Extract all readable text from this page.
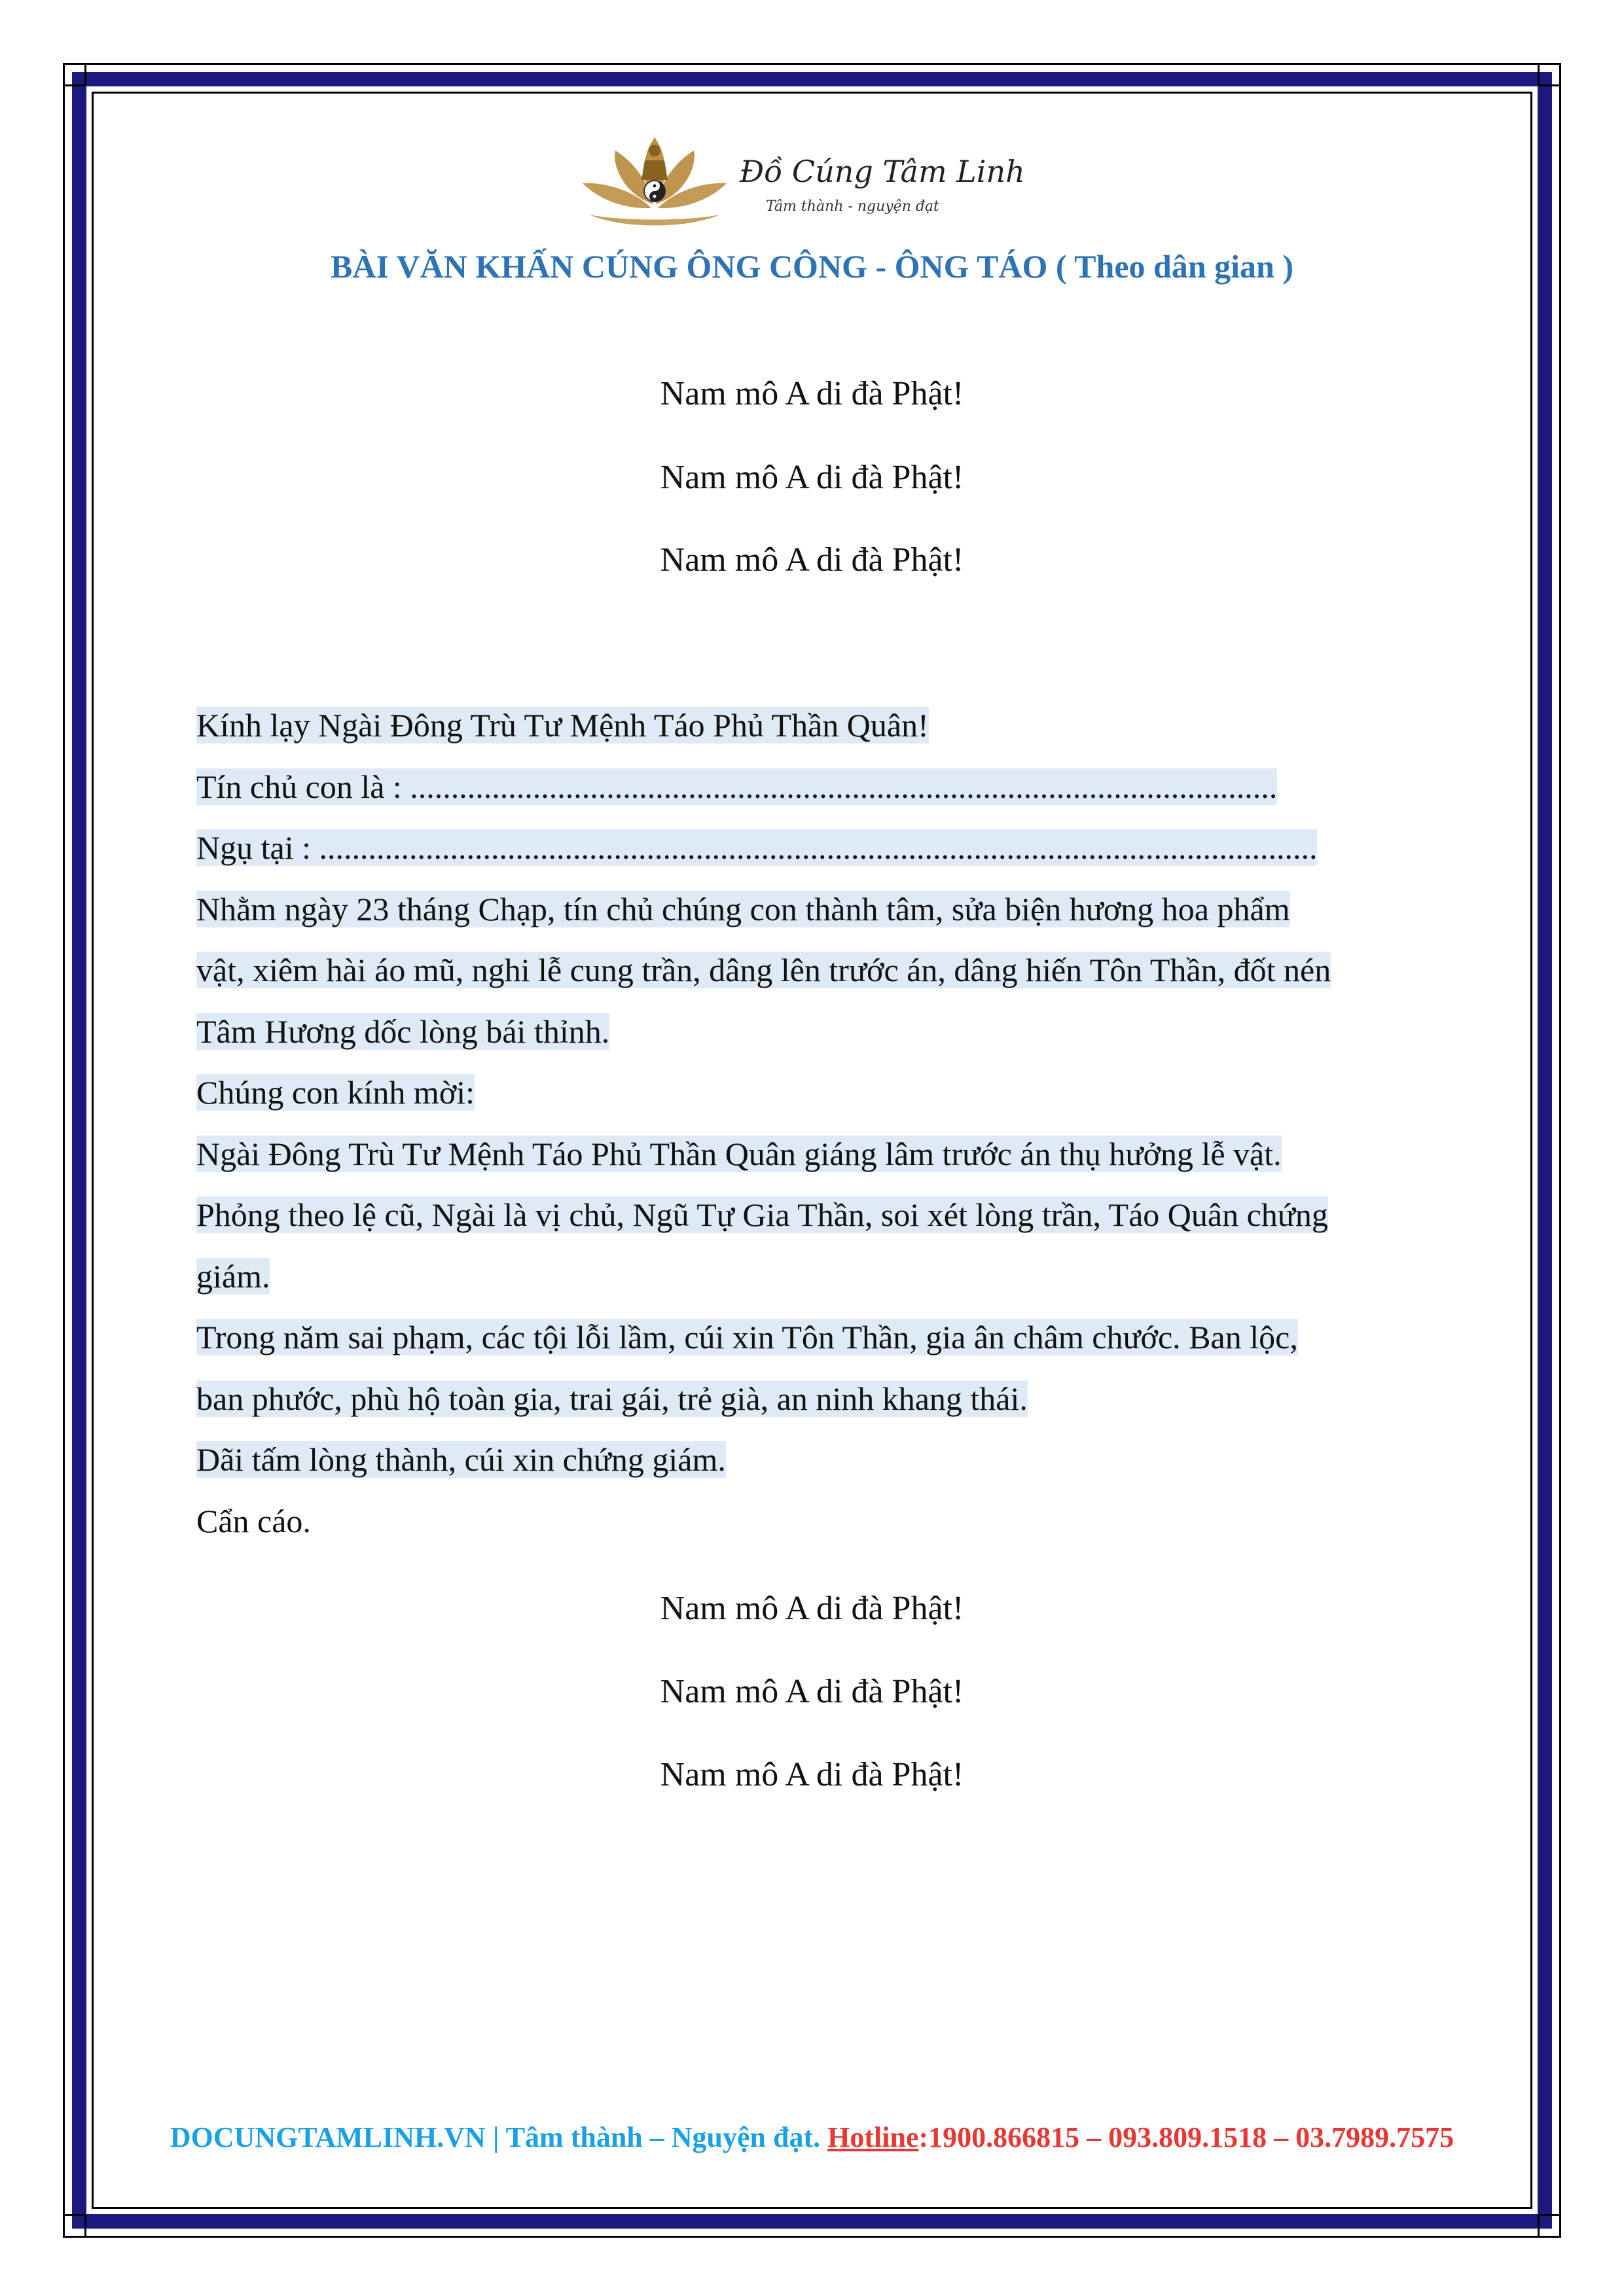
Đồ Cúng Tâm Linh
Tâm thành - nguyện đạt
BÀI VĂN KHẤN CÚNG ÔNG CÔNG - ÔNG TÁO ( Theo dân gian )
Nam mô A di đà Phật!
Nam mô A di đà Phật!
Nam mô A di đà Phật!
Kính lạy Ngài Đông Trù Tư Mệnh Táo Phủ Thần Quân!
Tín chủ con là : ..........................................................................................................
Ngụ tại : ..........................................................................................................................
Nhằm ngày 23 tháng Chạp, tín chủ chúng con thành tâm, sửa biện hương hoa phẩm
vật, xiêm hài áo mũ, nghi lễ cung trần, dâng lên trước án, dâng hiến Tôn Thần, đốt nén
Tâm Hương dốc lòng bái thỉnh.
Chúng con kính mời:
Ngài Đông Trù Tư Mệnh Táo Phủ Thần Quân giáng lâm trước án thụ hưởng lễ vật.
Phỏng theo lệ cũ, Ngài là vị chủ, Ngũ Tự Gia Thần, soi xét lòng trần, Táo Quân chứng
giám.
Trong năm sai phạm, các tội lỗi lầm, cúi xin Tôn Thần, gia ân châm chước. Ban lộc,
ban phước, phù hộ toàn gia, trai gái, trẻ già, an ninh khang thái.
Dãi tấm lòng thành, cúi xin chứng giám.
Cẩn cáo.
Nam mô A di đà Phật!
Nam mô A di đà Phật!
Nam mô A di đà Phật!
DOCUNGTAMLINH.VN | Tâm thành – Nguyện đạt. Hotline:1900.866815 – 093.809.1518 – 03.7989.7575
